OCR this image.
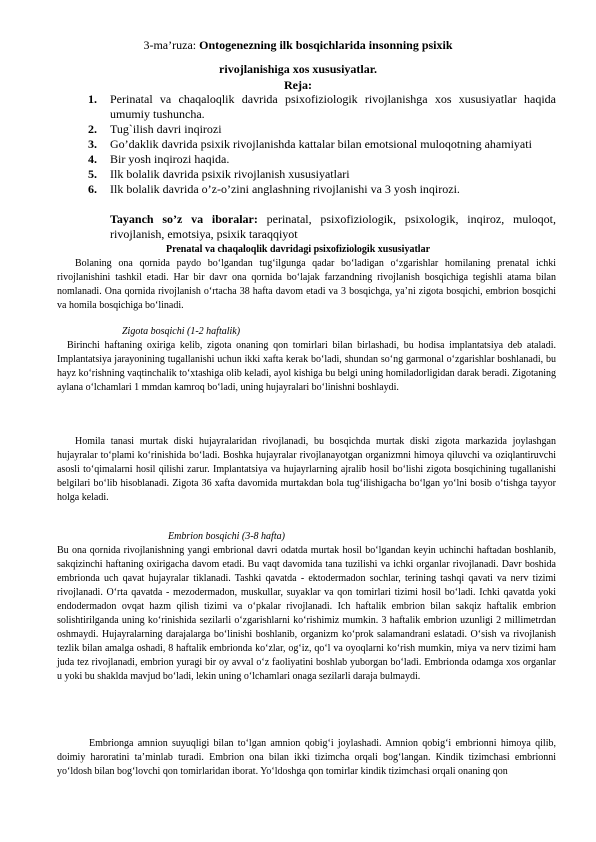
3-ma’ruza: Ontogenezning ilk bosqichlarida insonning psixik
rivojlanishiga xos xususiyatlar.
Reja:
1. Perinatal va chaqaloqlik davrida psixofiziologik rivojlanishga xos xususiyatlar haqida umumiy tushuncha.
2. Tug`ilish davri inqirozi
3. Go’daklik davrida psixik rivojlanishda kattalar bilan emotsional muloqotning ahamiyati
4. Bir yosh inqirozi haqida.
5. Ilk bolalik davrida psixik rivojlanish xususiyatlari
6. Ilk bolalik davrida o’z-o’zini anglashning rivojlanishi va 3 yosh inqirozi.
Tayanch so’z va iboralar: perinatal, psixofiziologik, psixologik, inqiroz, muloqot, rivojlanish, emotsiya, psixik taraqqiyot
Prenatal va chaqaloqlik davridagi psixofiziologik xususiyatlar

Bolaning ona qornida paydo bo‘lgandan tug‘ilgunga qadar bo‘ladigan o‘zgarishlar homilaning prenatal ichki rivojlanishini tashkil etadi. Har bir davr ona qornida bo‘lajak farzandning rivojlanish bosqichiga tegishli atama bilan nomlanadi. Ona qornida rivojlanish o‘rtacha 38 hafta davom etadi va 3 bosqichga, ya’ni zigota bosqichi, embrion bosqichi va homila bosqichiga bo‘linadi.

Zigota bosqichi (1-2 haftalik)

Birinchi haftaning oxiriga kelib, zigota onaning qon tomirlari bilan birlashadi, bu hodisa implantatsiya deb ataladi. Implantatsiya jarayonining tugallanishi uchun ikki xafta kerak bo‘ladi, shundan so‘ng garmonal o‘zgarishlar boshlanadi, bu hayz ko‘rishning vaqtinchalik to‘xtashiga olib keladi, ayol kishiga bu belgi uning homiladorligidan darak beradi. Zigotaning aylana o‘lchamlari 1 mmdan kamroq bo‘ladi, uning hujayralari bo‘linishni boshlaydi.

Homila tanasi murtak diski hujayralaridan rivojlanadi, bu bosqichda murtak diski zigota markazida joylashgan hujayralar to‘plami ko‘rinishida bo‘ladi. Boshka hujayralar rivojlanayotgan organizmni himoya qiluvchi va oziqlantiruvchi asosli to‘qimalarni hosil qilishi zarur. Implantatsiya va hujayrlarning ajralib hosil bo‘lishi zigota bosqichining tugallanishi belgilari bo‘lib hisoblanadi. Zigota 36 xafta davomida murtakdan bola tug‘ilishigacha bo‘lgan yo‘lni bosib o‘tishga tayyor holga keladi.

Embrion bosqichi (3-8 hafta)

Bu ona qornida rivojlanishning yangi embrional davri odatda murtak hosil bo‘lgandan keyin uchinchi haftadan boshlanib, sakqizinchi haftaning oxirigacha davom etadi. Bu vaqt davomida tana tuzilishi va ichki organlar rivojlanadi. Davr boshida embrionda uch qavat hujayralar tiklanadi. Tashki qavatda - ektodermadon sochlar, terining tashqi qavati va nerv tizimi rivojlanadi. O‘rta qavatda - mezodermadon, muskullar, suyaklar va qon tomirlari tizimi hosil bo‘ladi. Ichki qavatda yoki endodermadon ovqat hazm qilish tizimi va o‘pkalar rivojlanadi. Ich haftalik embrion bilan sakqiz haftalik embrion solishtirilganda uning ko‘rinishida sezilarli o‘zgarishlarni ko‘rishimiz mumkin. 3 haftalik embrion uzunligi 2 millimetrdan oshmaydi. Hujayralarning darajalarga bo‘linishi boshlanib, organizm ko‘prok salamandrani eslatadi. O‘sish va rivojlanish tezlik bilan amalga oshadi, 8 haftalik embrionda ko‘zlar, og‘iz, qo‘l va oyoqlarni ko‘rish mumkin, miya va nerv tizimi ham juda tez rivojlanadi, embrion yuragi bir oy avval o‘z faoliyatini boshlab yuborgan bo‘ladi. Embrionda odamga xos organlar u yoki bu shaklda mavjud bo‘ladi, lekin uning o‘lchamlari onaga sezilarli daraja bulmaydi.

Embrionga amnion suyuqligi bilan to‘lgan amnion qobig‘i joylashadi. Amnion qobig‘i embrionni himoya qilib, doimiy haroratini ta’minlab turadi. Embrion ona bilan ikki tizimcha orqali bog‘langan. Kindik tizimchasi embrionni yo‘ldosh bilan bog‘lovchi qon tomirlaridan iborat. Yo‘ldoshga qon tomirlar kindik tizimchasi orqali onaning qon
